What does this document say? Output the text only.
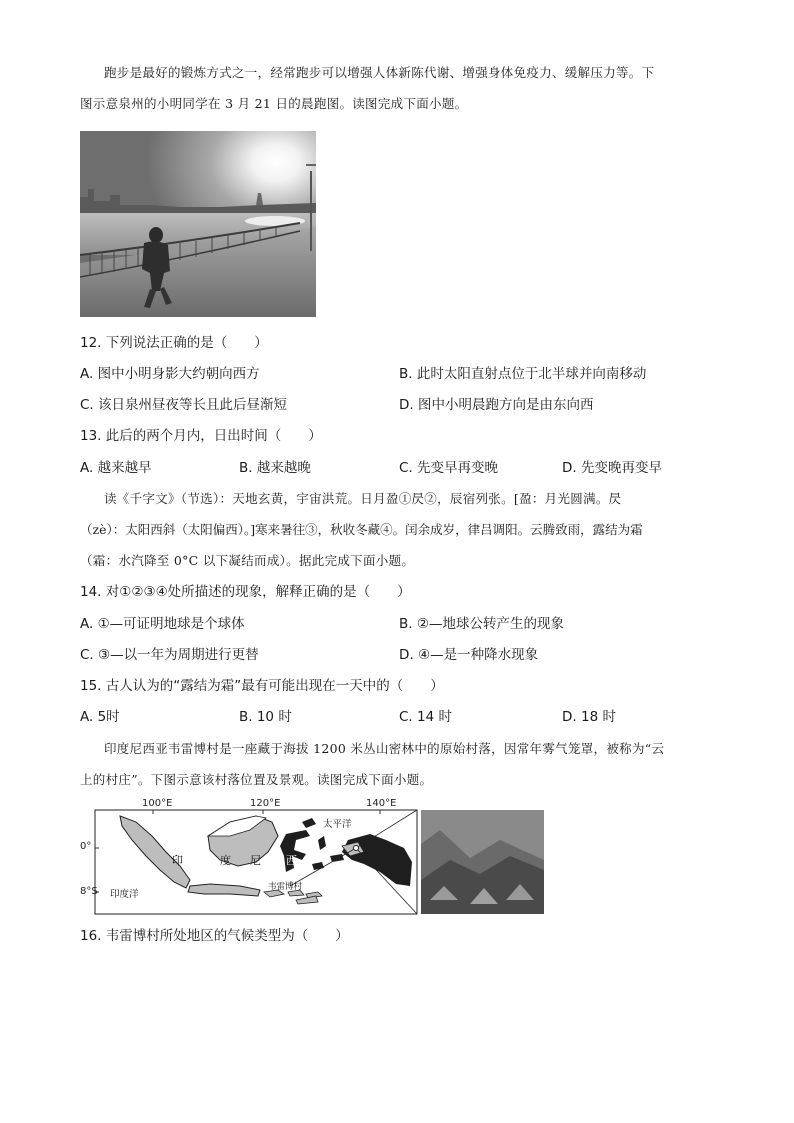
跑步是最好的锻炼方式之一，经常跑步可以增强人体新陈代谢、增强身体免疫力、缓解压力等。下
图示意泉州的小明同学在 3 月 21 日的晨跑图。读图完成下面小题。
12. 下列说法正确的是（　　）
A. 图中小明身影大约朝向西方	B. 此时太阳直射点位于北半球并向南移动
C. 该日泉州昼夜等长且此后昼渐短	D. 图中小明晨跑方向是由东向西
13. 此后的两个月内，日出时间（　　）
A. 越来越早	B. 越来越晚	C. 先变早再变晚	D. 先变晚再变早
读《千字文》（节选）：天地玄黄，宇宙洪荒。日月盈①昃②，辰宿列张。[盈：月光圆满。昃
（zè）：太阳西斜（太阳偏西）。]寒来暑往③，秋收冬藏④。闰余成岁，律吕调阳。云腾致雨，露结为霜
（霜：水汽降至 0°C 以下凝结而成）。据此完成下面小题。
14. 对①②③④处所描述的现象，解释正确的是（　　）
A. ①—可证明地球是个球体	B. ②—地球公转产生的现象
C. ③—以一年为周期进行更替	D. ④—是一种降水现象
15. 古人认为的“露结为霜”最有可能出现在一天中的（　　）
A. 5时	B. 10 时	C. 14 时	D. 18 时
印度尼西亚韦雷博村是一座藏于海拔 1200 米丛山密林中的原始村落，因常年雾气笼罩，被称为“云
上的村庄”。下图示意该村落位置及景观。读图完成下面小题。
100°E	120°E	140°E
0°
8°S
太平洋
印度洋
印	度 尼 西
韦雷博村
16. 韦雷博村所处地区的气候类型为（　　）
